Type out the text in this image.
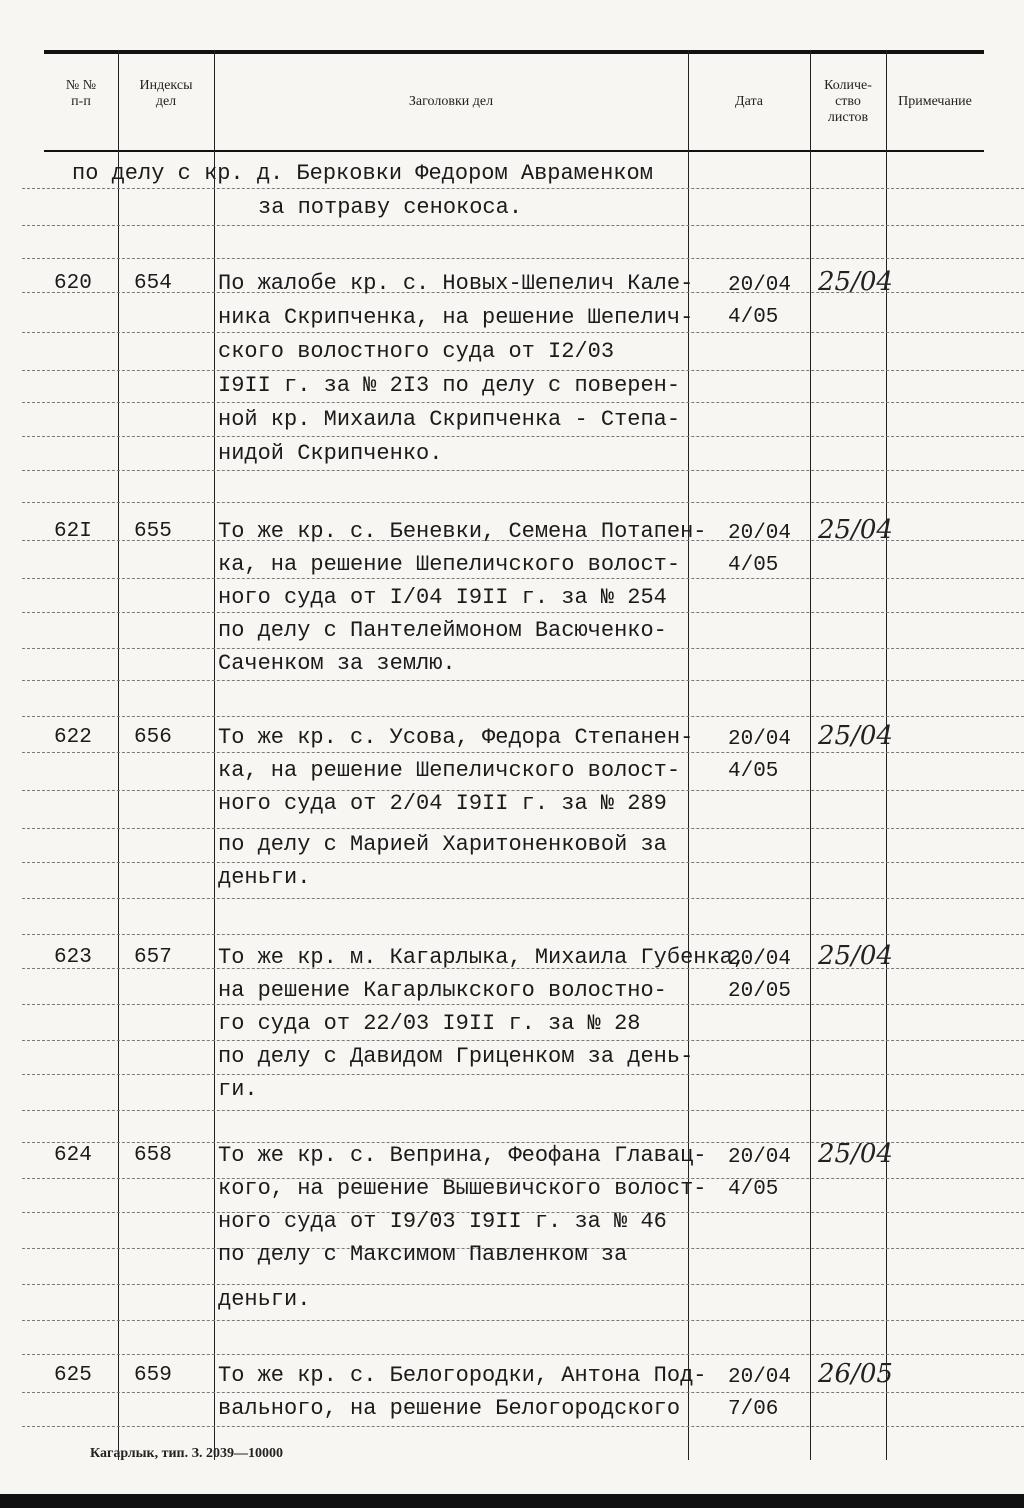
№ №
п-п
Индексы
дел	Заголовки дел	Дата
Количе-
ство
листов
Примечание
по делу с кр. д. Берковки Федором Авраменком
за потраву сенокоса.
620 654 По жалобе кр. с. Новых-Шепелич Кале-
ника Скрипченка, на решение Шепелич-
ского волостного суда от I2/03
I9II г. за № 2I3 по делу с поверен-
ной кр. Михаила Скрипченка - Степа-
нидой Скрипченко.
20/04
4/05
25/04
62I 655 То же кр. с. Беневки, Семена Потапен-
ка, на решение Шепеличского волост-
ного суда от I/04 I9II г. за № 254
по делу с Пантелеймоном Васюченко-
Саченком за землю.
20/04
4/05
25/04
622 656 То же кр. с. Усова, Федора Степанен-
ка, на решение Шепеличского волост-
ного суда от 2/04 I9II г. за № 289
по делу с Марией Харитоненковой за
деньги.
20/04
4/05
25/04
623 657 То же кр. м. Кагарлыка, Михаила Губенка,
на решение Кагарлыкского волостно-
го суда от 22/03 I9II г. за № 28
по делу с Давидом Гриценком за день-
ги.
20/04
20/05
25/04
624 658 То же кр. с. Веприна, Феофана Главац-
кого, на решение Вышевичского волост-
ного суда от I9/03 I9II г. за № 46
по делу с Максимом Павленком за
деньги.
20/04
4/05
25/04
625 659 То же кр. с. Белогородки, Антона Под-
вального, на решение Белогородского
20/04
7/06
26/05
Кагарлык, тип. З. 2039—10000
